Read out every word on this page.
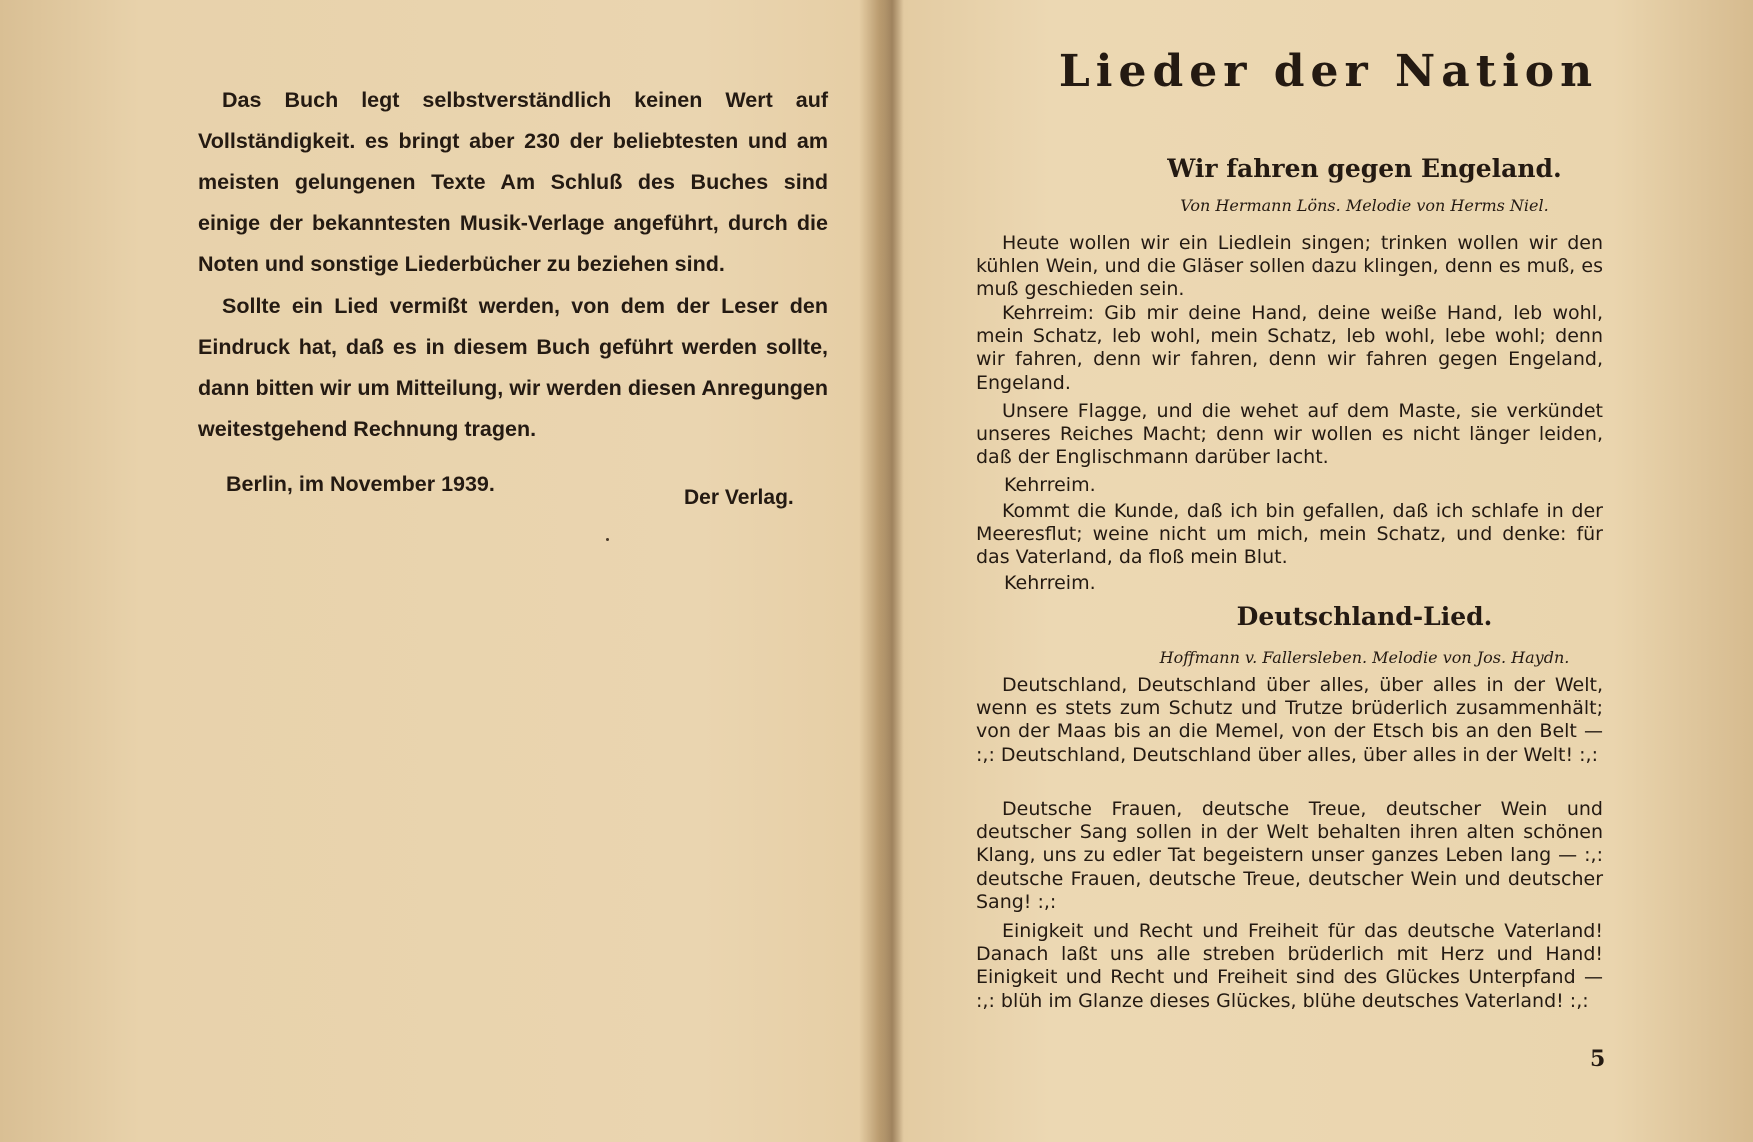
Das Buch legt selbstverständlich keinen Wert auf Vollständigkeit. es bringt aber 230 der beliebtesten und am meisten gelungenen Texte Am Schluß des Buches sind einige der bekanntesten Musik-Verlage angeführt, durch die Noten und sonstige Liederbücher zu beziehen sind.

Sollte ein Lied vermißt werden, von dem der Leser den Eindruck hat, daß es in diesem Buch geführt werden sollte, dann bitten wir um Mitteilung, wir werden diesen Anregungen weitestgehend Rechnung tragen.

Berlin, im November 1939.

Der Verlag.
Lieder der Nation
Wir fahren gegen Engeland.
Von Hermann Löns. Melodie von Herms Niel.

Heute wollen wir ein Liedlein singen; trinken wollen wir den kühlen Wein, und die Gläser sollen dazu klingen, denn es muß, es muß geschieden sein.

Kehrreim: Gib mir deine Hand, deine weiße Hand, leb wohl, mein Schatz, leb wohl, mein Schatz, leb wohl, lebe wohl; denn wir fahren, denn wir fahren, denn wir fahren gegen Engeland, Engeland.

Unsere Flagge, und die wehet auf dem Maste, sie verkündet unseres Reiches Macht; denn wir wollen es nicht länger leiden, daß der Englischmann darüber lacht.

Kehrreim.

Kommt die Kunde, daß ich bin gefallen, daß ich schlafe in der Meeresflut; weine nicht um mich, mein Schatz, und denke: für das Vaterland, da floß mein Blut.

Kehrreim.

Deutschland-Lied.
Hoffmann v. Fallersleben. Melodie von Jos. Haydn.

Deutschland, Deutschland über alles, über alles in der Welt, wenn es stets zum Schutz und Trutze brüderlich zusammenhält; von der Maas bis an die Memel, von der Etsch bis an den Belt — :,: Deutschland, Deutschland über alles, über alles in der Welt! :,:

Deutsche Frauen, deutsche Treue, deutscher Wein und deutscher Sang sollen in der Welt behalten ihren alten schönen Klang, uns zu edler Tat begeistern unser ganzes Leben lang — :,: deutsche Frauen, deutsche Treue, deutscher Wein und deutscher Sang! :,:

Einigkeit und Recht und Freiheit für das deutsche Vaterland! Danach laßt uns alle streben brüderlich mit Herz und Hand! Einigkeit und Recht und Freiheit sind des Glückes Unterpfand — :,: blüh im Glanze dieses Glückes, blühe deutsches Vaterland! :,:

5
